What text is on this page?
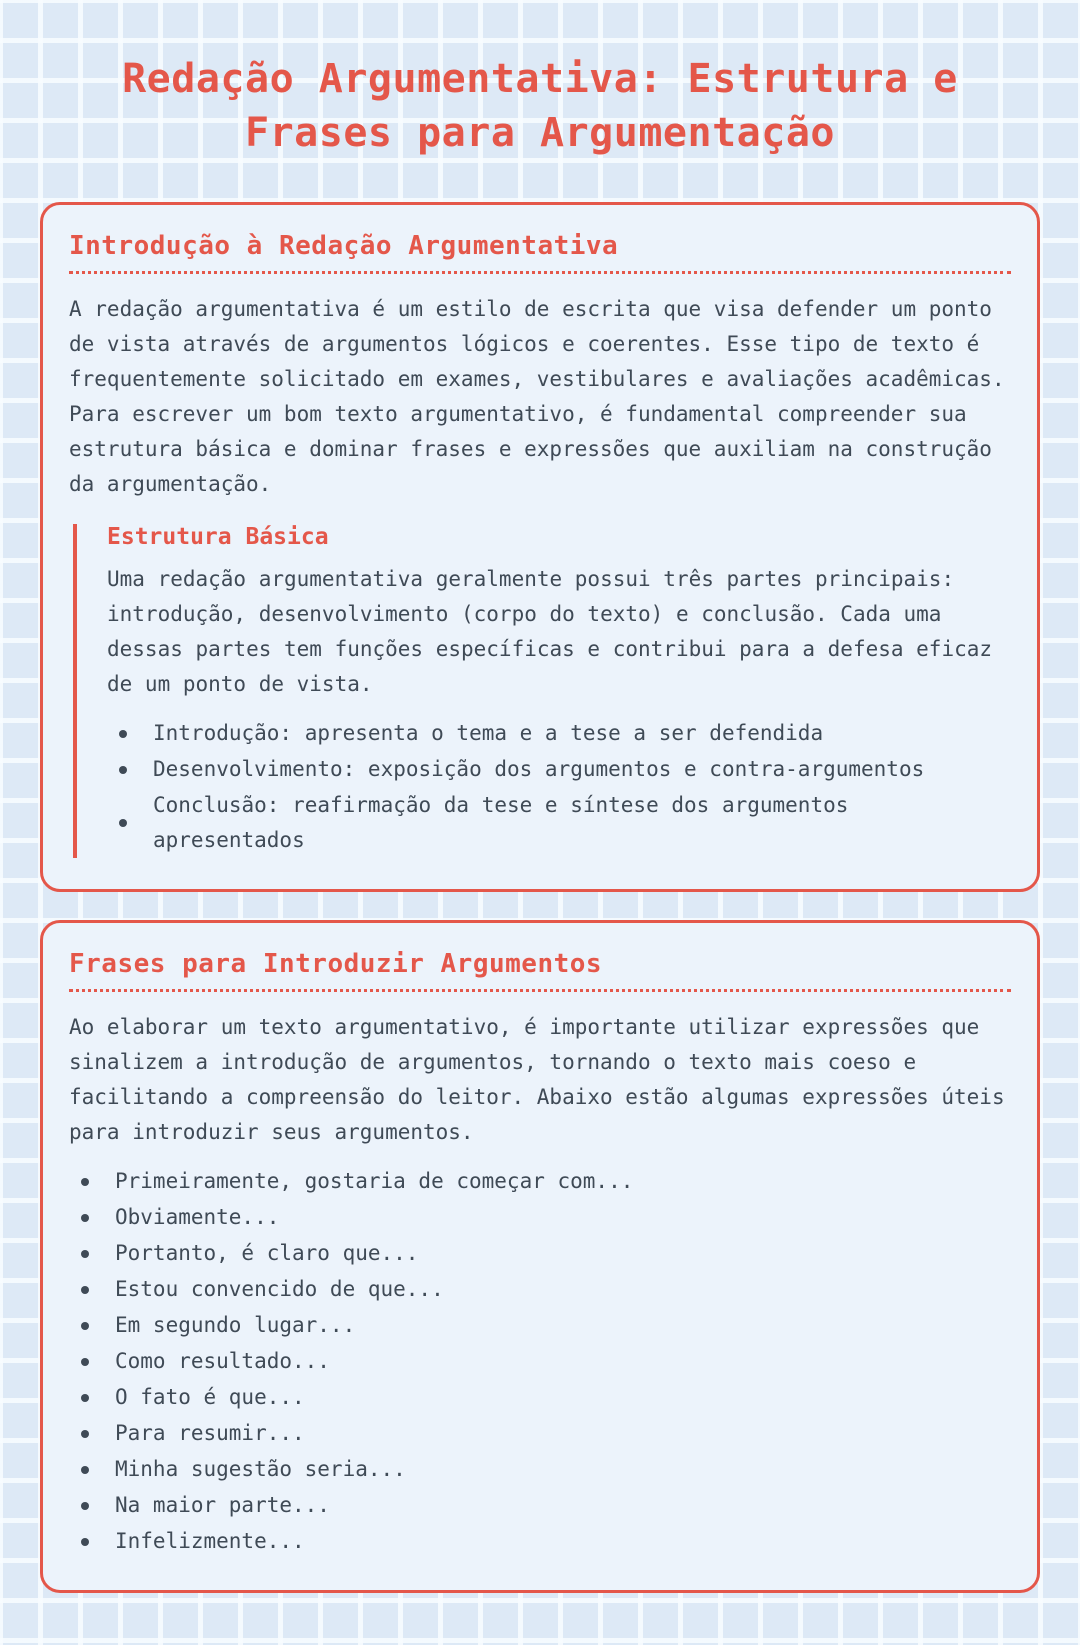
Redação Argumentativa: Estrutura e Frases para Argumentação
Introdução à Redação Argumentativa

A redação argumentativa é um estilo de escrita que visa defender um ponto de vista através de argumentos lógicos e coerentes. Esse tipo de texto é frequentemente solicitado em exames, vestibulares e avaliações acadêmicas. Para escrever um bom texto argumentativo, é fundamental compreender sua estrutura básica e dominar frases e expressões que auxiliam na construção da argumentação.

Estrutura Básica

Uma redação argumentativa geralmente possui três partes principais: introdução, desenvolvimento (corpo do texto) e conclusão. Cada uma dessas partes tem funções específicas e contribui para a defesa eficaz de um ponto de vista.

Introdução: apresenta o tema e a tese a ser defendida
Desenvolvimento: exposição dos argumentos e contra-argumentos
Conclusão: reafirmação da tese e síntese dos argumentos apresentados
Frases para Introduzir Argumentos

Ao elaborar um texto argumentativo, é importante utilizar expressões que sinalizem a introdução de argumentos, tornando o texto mais coeso e facilitando a compreensão do leitor. Abaixo estão algumas expressões úteis para introduzir seus argumentos.

Primeiramente, gostaria de começar com...
Obviamente...
Portanto, é claro que...
Estou convencido de que...
Em segundo lugar...
Como resultado...
O fato é que...
Para resumir...
Minha sugestão seria...
Na maior parte...
Infelizmente...
